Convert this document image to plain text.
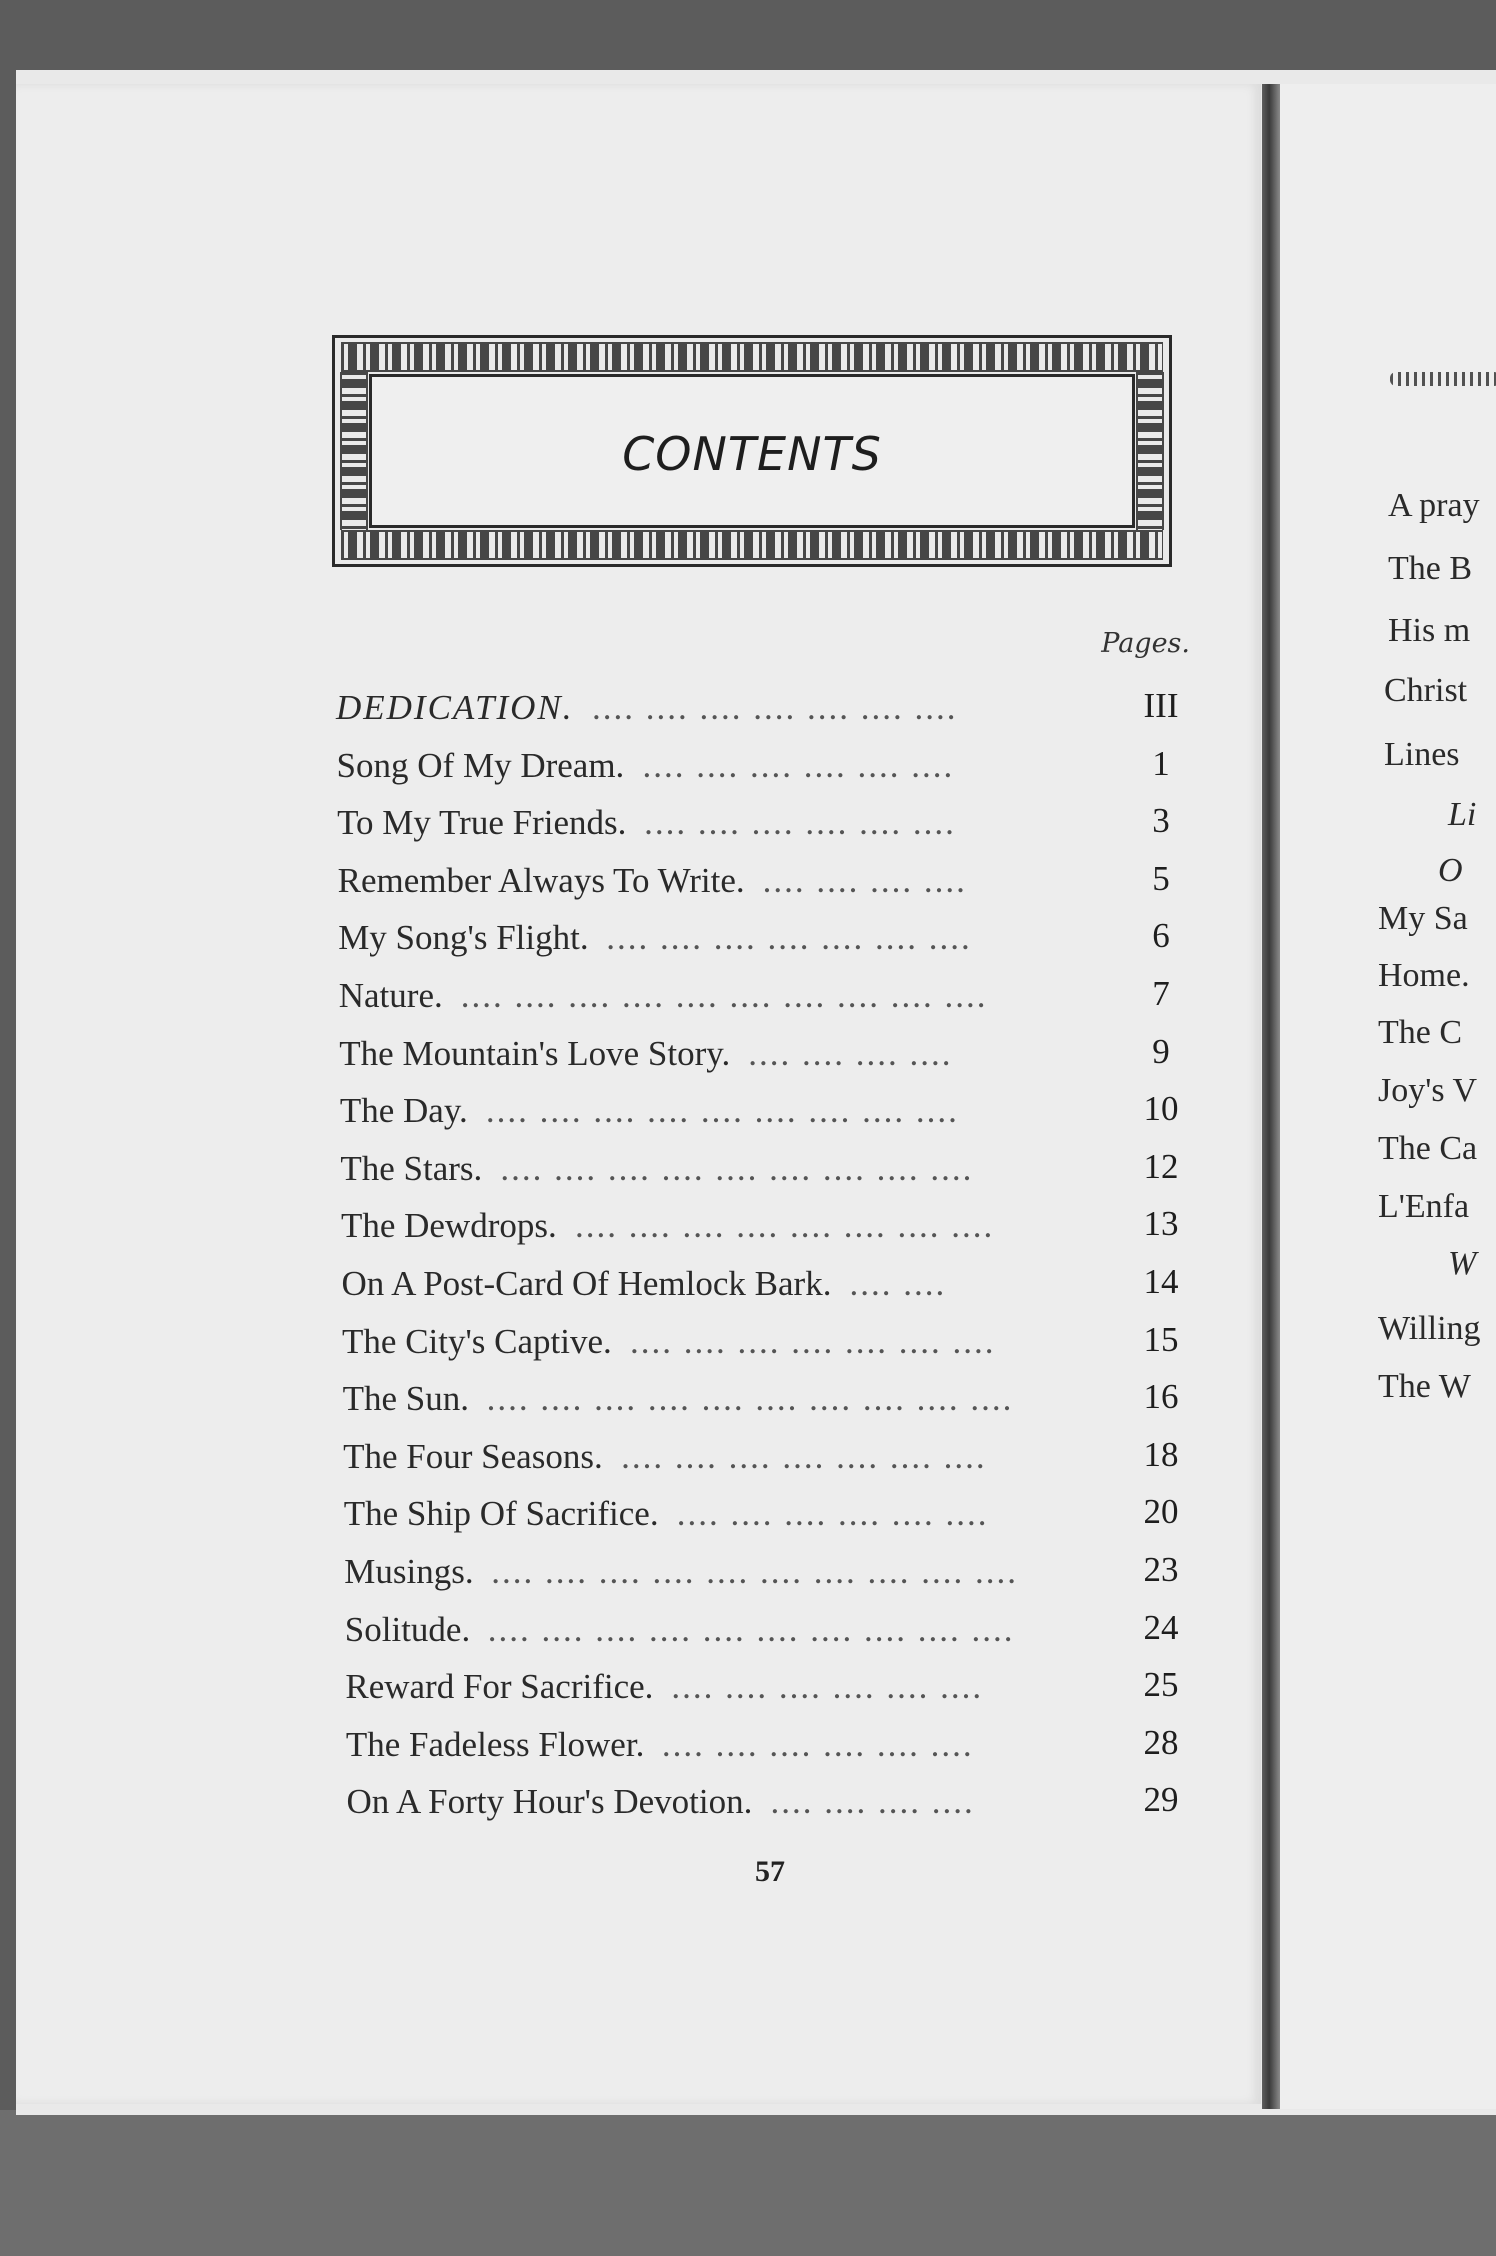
CONTENTS
Pages.
DEDICATION. .... .... .... .... .... .... ....	III
Song Of My Dream. .... .... .... .... .... ....	1
To My True Friends. .... .... .... .... .... ....	3
Remember Always To Write. .... .... .... ....	5
My Song's Flight. .... .... .... .... .... .... ....	6
Nature. .... .... .... .... .... .... .... .... .... ....	7
The Mountain's Love Story. .... .... .... ....	9
The Day. .... .... .... .... .... .... .... .... ....	10
The Stars. .... .... .... .... .... .... .... .... ....	12
The Dewdrops. .... .... .... .... .... .... .... ....	13
On A Post-Card Of Hemlock Bark. .... ....	14
The City's Captive. .... .... .... .... .... .... ....	15
The Sun. .... .... .... .... .... .... .... .... .... ....	16
The Four Seasons. .... .... .... .... .... .... ....	18
The Ship Of Sacrifice. .... .... .... .... .... ....	20
Musings. .... .... .... .... .... .... .... .... .... ....	23
Solitude. .... .... .... .... .... .... .... .... .... ....	24
Reward For Sacrifice. .... .... .... .... .... ....	25
The Fadeless Flower. .... .... .... .... .... ....	28
On A Forty Hour's Devotion. .... .... .... ....	29
57
A pray
The B
His m
Christ
Lines
Li
O
My Sa
Home.
The C
Joy's V
The Ca
L'Enfa
W
Willing
The W
